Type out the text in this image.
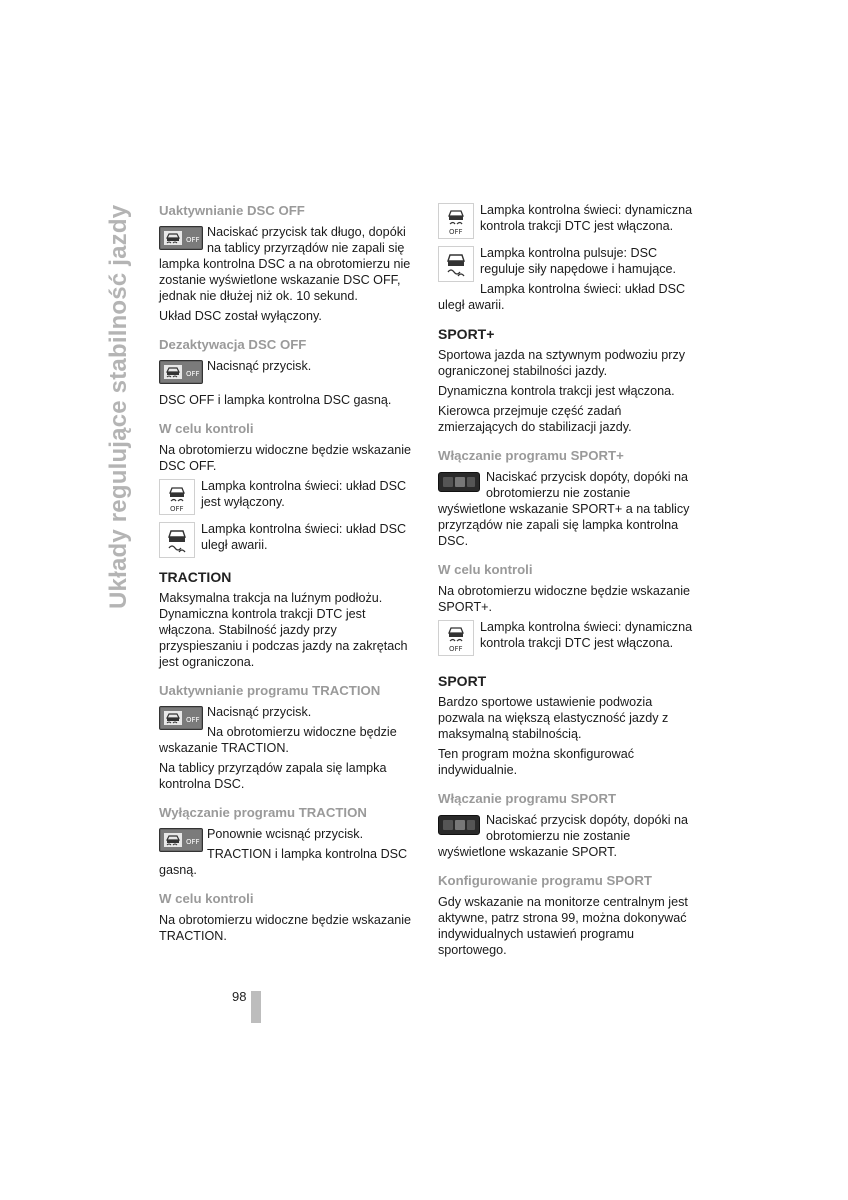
Układy regulujące stabilność jazdy Uaktywnianie DSC OFF
OFF

Naciskać przycisk tak długo, dopóki na tablicy przyrządów nie zapali się lampka kontrolna DSC a na obrotomierzu nie zostanie wyświetlone wskazanie DSC OFF, jednak nie dłużej niż ok. 10 sekund.

Układ DSC został wyłączony.

Dezaktywacja DSC OFF
OFF

Nacisnąć przycisk.

DSC OFF i lampka kontrolna DSC gasną.

W celu kontroli

Na obrotomierzu widoczne będzie wskazanie DSC OFF.

OFF

Lampka kontrolna świeci: układ DSC jest wyłączony.

Lampka kontrolna świeci: układ DSC uległ awarii.

TRACTION

Maksymalna trakcja na luźnym podłożu. Dynamiczna kontrola trakcji DTC jest włączona. Stabilność jazdy przy przyspieszaniu i podczas jazdy na zakrętach jest ograniczona.

Uaktywnianie programu TRACTION
OFF

Nacisnąć przycisk.

Na obrotomierzu widoczne będzie wskazanie TRACTION.

Na tablicy przyrządów zapala się lampka kontrolna DSC.

Wyłączanie programu TRACTION
OFF

Ponownie wcisnąć przycisk.

TRACTION i lampka kontrolna DSC gasną.

W celu kontroli

Na obrotomierzu widoczne będzie wskazanie TRACTION.

OFF

Lampka kontrolna świeci: dynamiczna kontrola trakcji DTC jest włączona.

Lampka kontrolna pulsuje: DSC reguluje siły napędowe i hamujące.

Lampka kontrolna świeci: układ DSC uległ awarii.

SPORT+

Sportowa jazda na sztywnym podwoziu przy ograniczonej stabilności jazdy.

Dynamiczna kontrola trakcji jest włączona.

Kierowca przejmuje część zadań zmierzających do stabilizacji jazdy.

Włączanie programu SPORT+

Naciskać przycisk dopóty, dopóki na obrotomierzu nie zostanie wyświetlone wskazanie SPORT+ a na tablicy przyrządów nie zapali się lampka kontrolna DSC.

W celu kontroli

Na obrotomierzu widoczne będzie wskazanie SPORT+.

OFF

Lampka kontrolna świeci: dynamiczna kontrola trakcji DTC jest włączona.

SPORT

Bardzo sportowe ustawienie podwozia pozwala na większą elastyczność jazdy z maksymalną stabilnością.

Ten program można skonfigurować indywidualnie.

Włączanie programu SPORT

Naciskać przycisk dopóty, dopóki na obrotomierzu nie zostanie wyświetlone wskazanie SPORT.

Konfigurowanie programu SPORT

Gdy wskazanie na monitorze centralnym jest aktywne, patrz strona 99, można dokonywać indywidualnych ustawień programu sportowego.

98
